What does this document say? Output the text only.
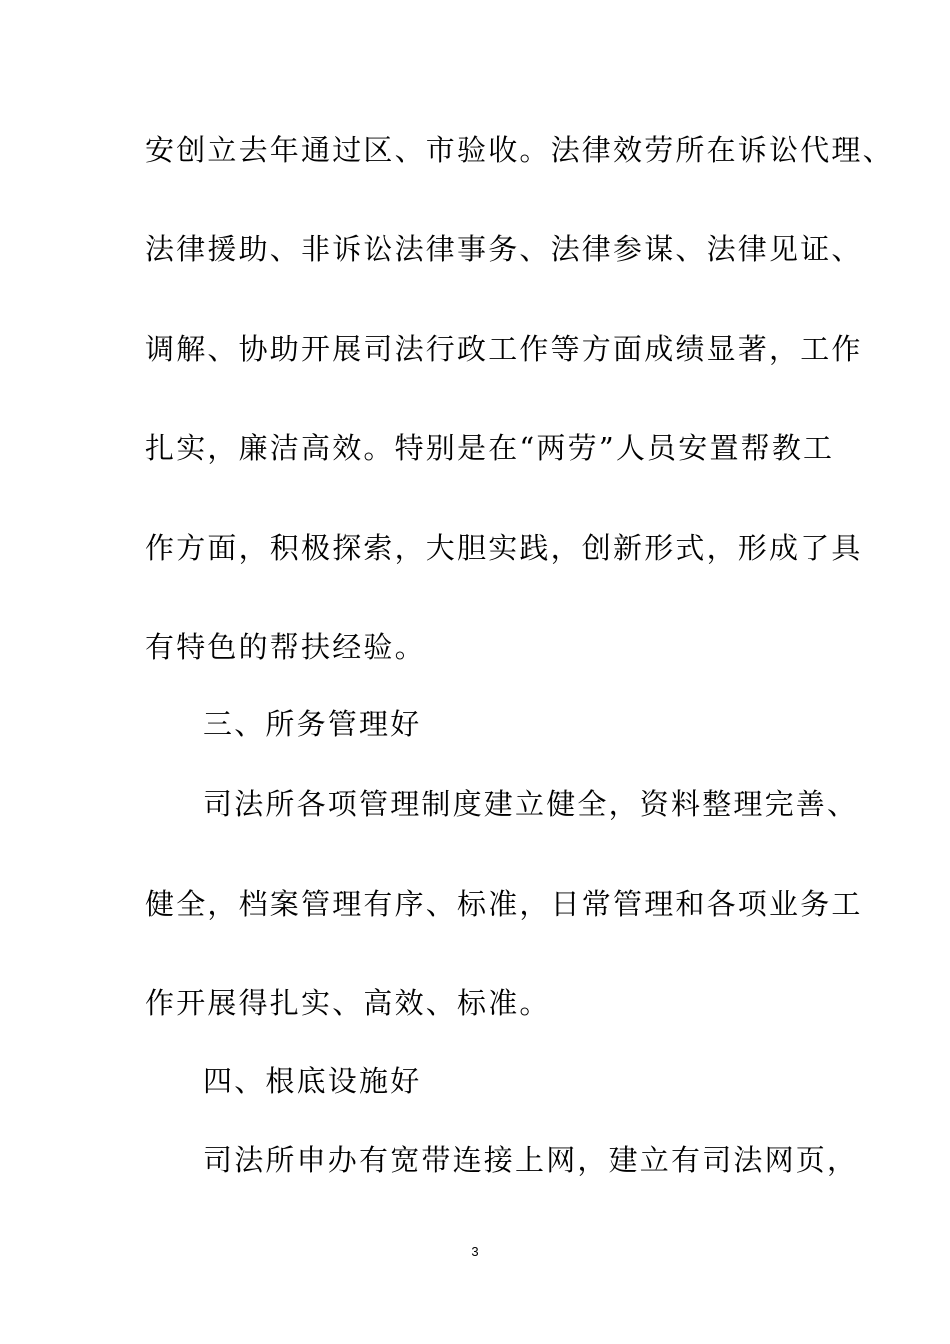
安创立去年通过区、市验收。法律效劳所在诉讼代理、
法律援助、非诉讼法律事务、法律参谋、法律见证、
调解、协助开展司法行政工作等方面成绩显著，工作
扎实，廉洁高效。特别是在“两劳”人员安置帮教工
作方面，积极探索，大胆实践，创新形式，形成了具
有特色的帮扶经验。
三、所务管理好
司法所各项管理制度建立健全，资料整理完善、
健全，档案管理有序、标准，日常管理和各项业务工
作开展得扎实、高效、标准。
四、根底设施好
司法所申办有宽带连接上网，建立有司法网页，
3
